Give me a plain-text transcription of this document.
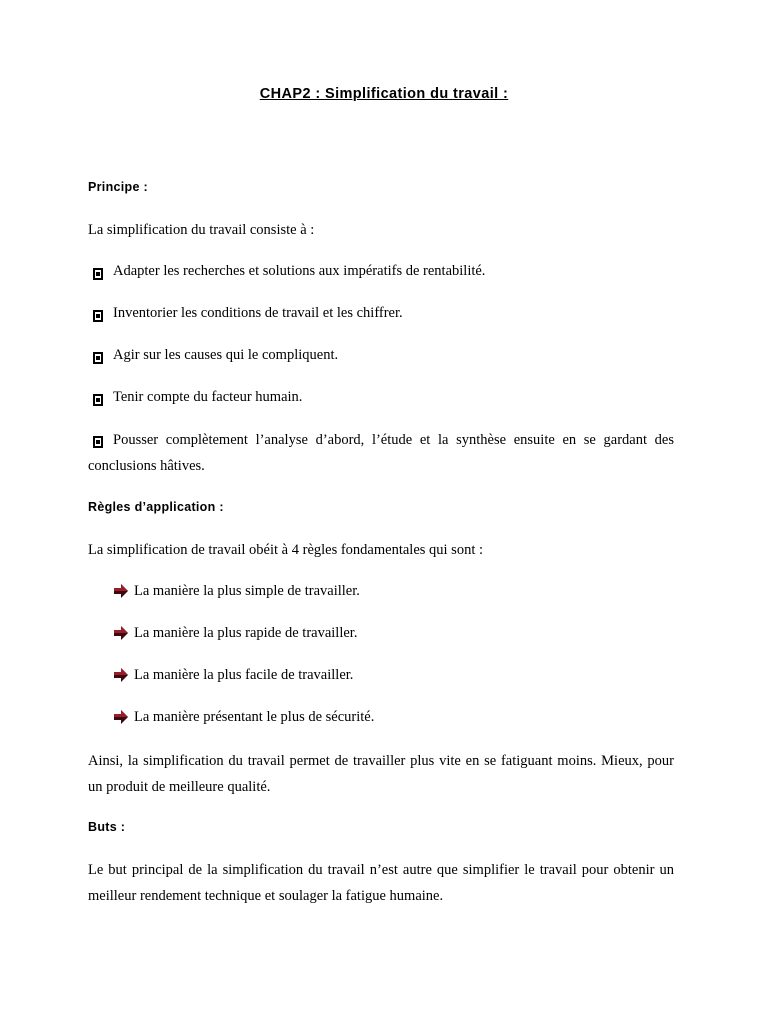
CHAP2 : Simplification du travail :
Principe :
La simplification du travail consiste à :
Adapter les recherches et solutions aux impératifs de rentabilité.
Inventorier les conditions de travail et les chiffrer.
Agir sur les causes qui le compliquent.
Tenir compte du facteur humain.
Pousser complètement l’analyse d’abord, l’étude et la synthèse ensuite en se gardant des conclusions hâtives.
Règles d’application :
La simplification de travail obéit à 4 règles fondamentales qui sont :
La manière la plus simple de travailler.
La manière la plus rapide de travailler.
La manière la plus facile de travailler.
La manière présentant le plus de sécurité.
Ainsi, la simplification du travail permet de travailler plus vite en se fatiguant moins. Mieux, pour un produit de meilleure qualité.
Buts :
Le but principal de la simplification du travail n’est autre que simplifier le travail pour obtenir un meilleur rendement technique et soulager la fatigue humaine.
